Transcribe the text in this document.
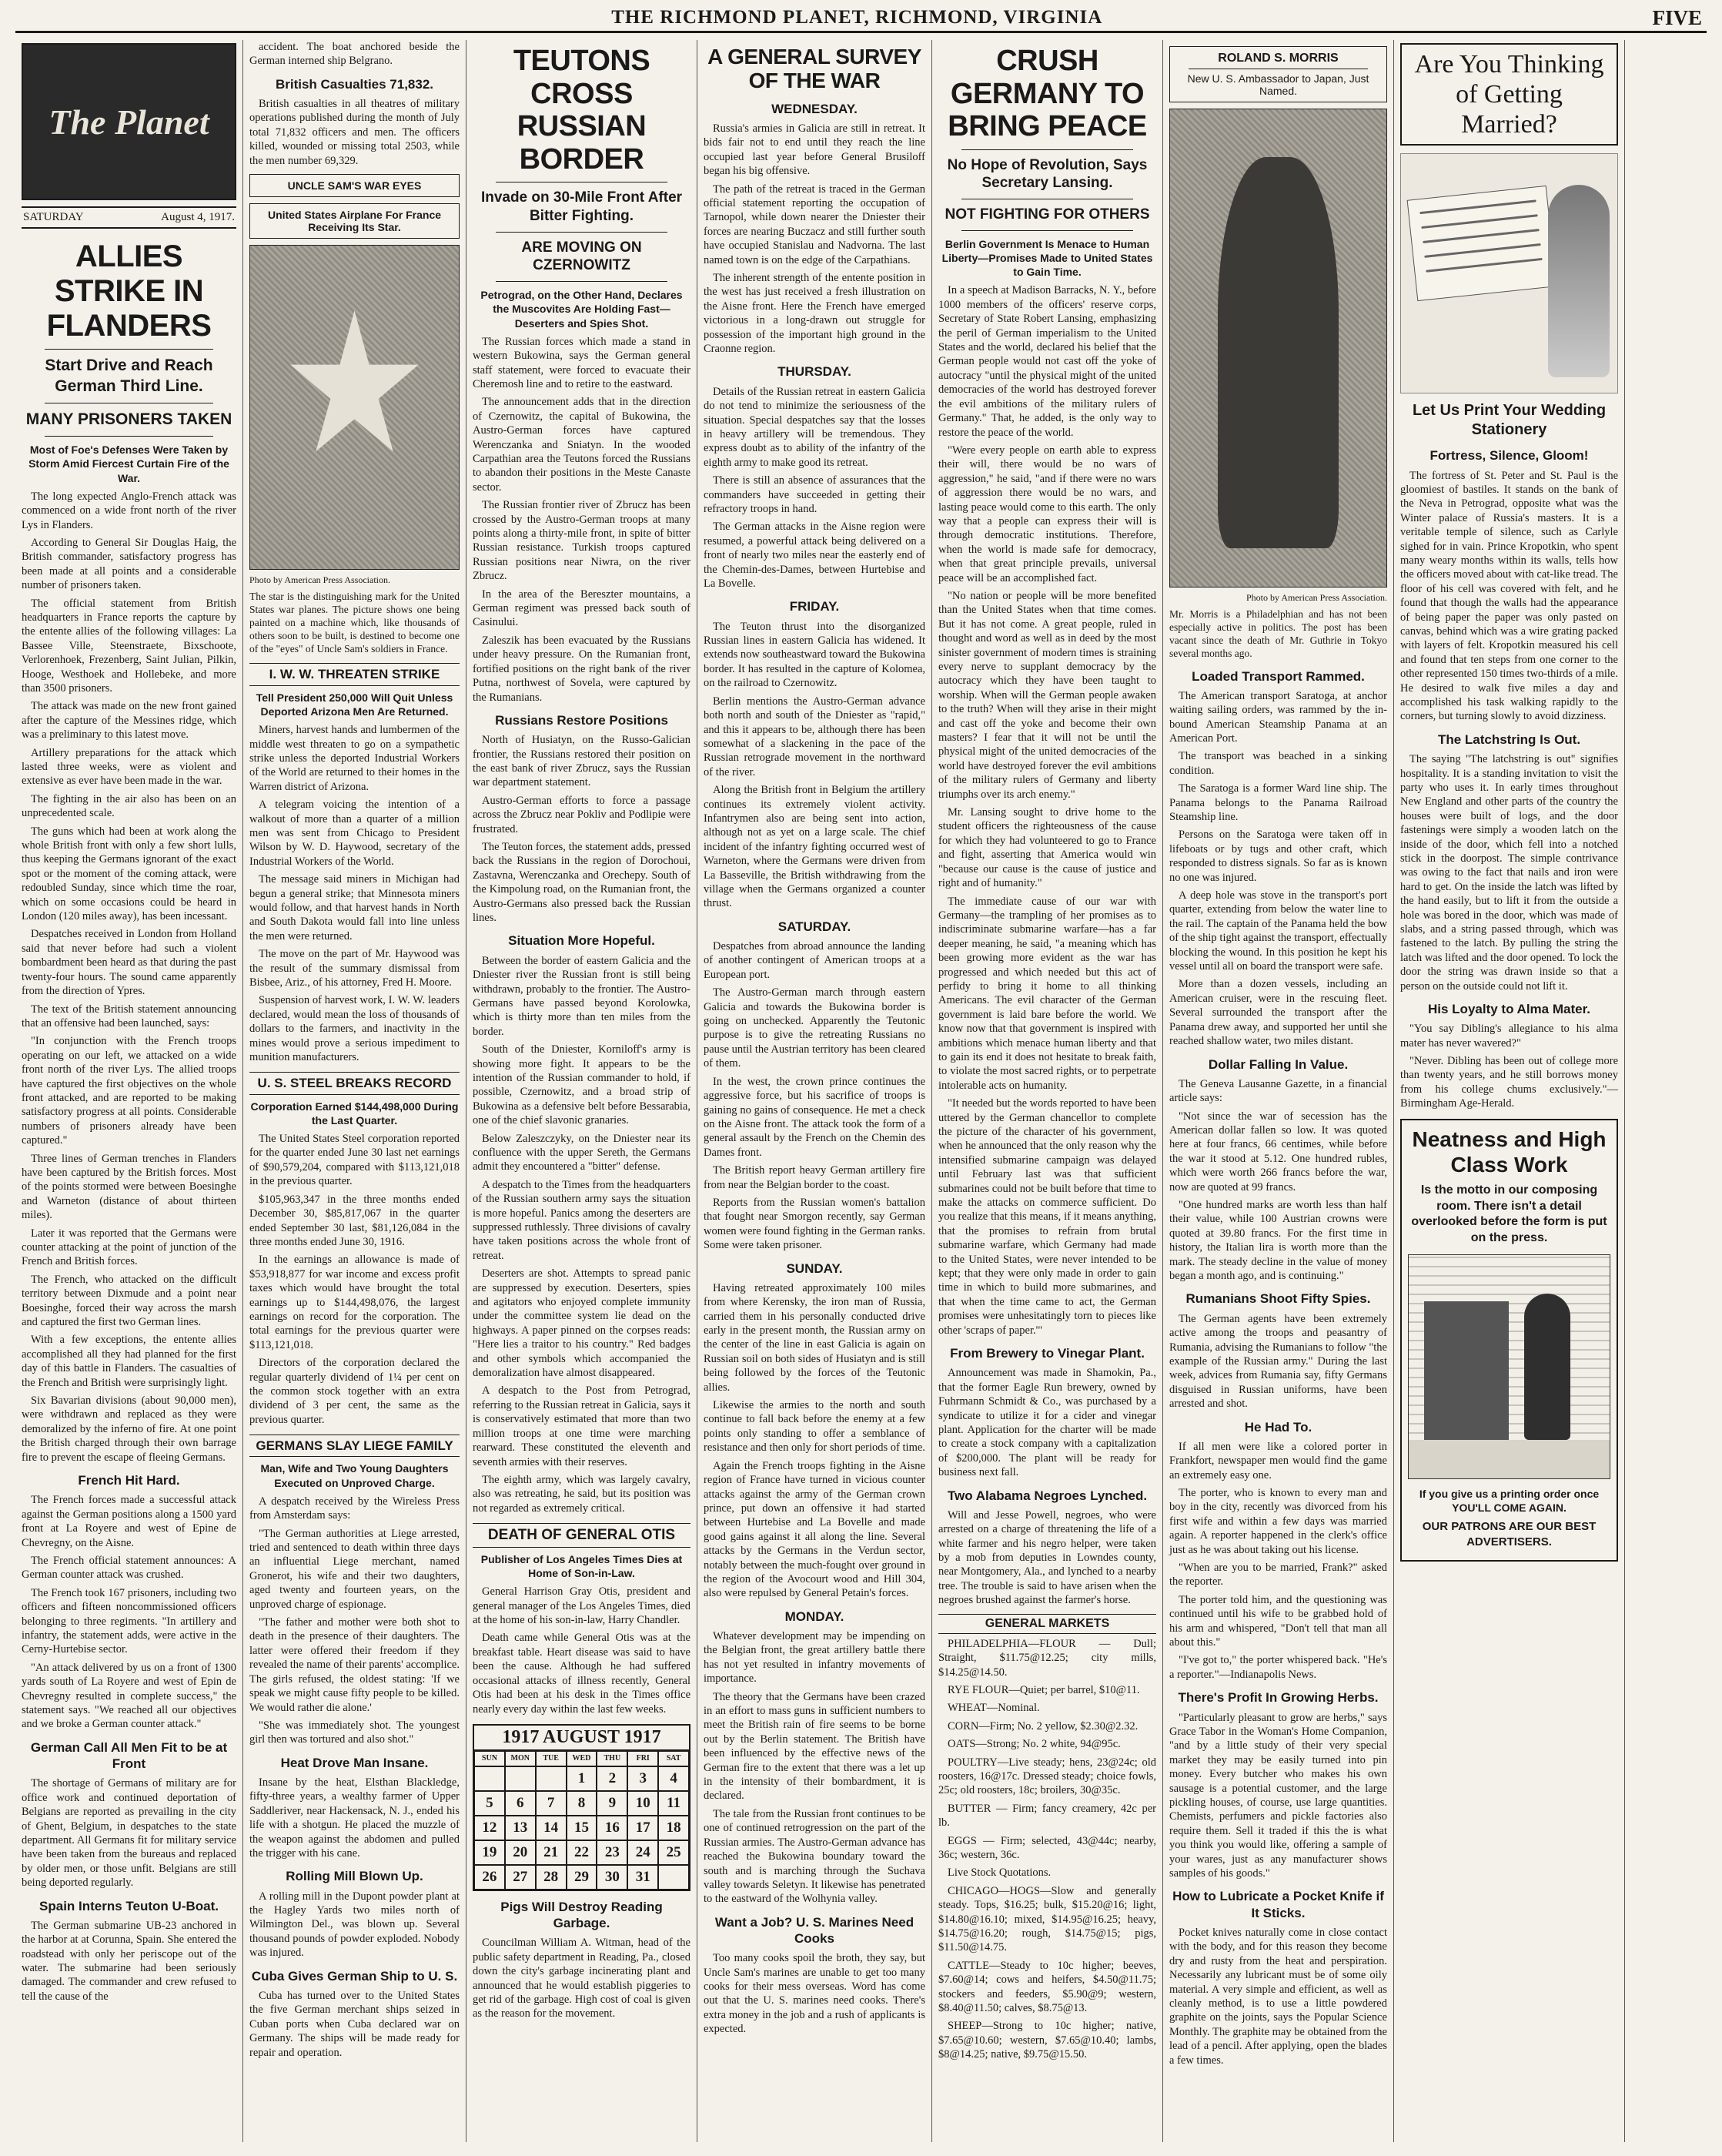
THE RICHMOND PLANET, RICHMOND, VIRGINIA	FIVE
The Planet
SATURDAY	August 4, 1917.
ALLIES STRIKE IN FLANDERS
Start Drive and Reach German Third Line.
MANY PRISONERS TAKEN
Most of Foe's Defenses Were Taken by Storm Amid Fiercest Curtain Fire of the War.

The long expected Anglo-French attack was commenced on a wide front north of the river Lys in Flanders.

According to General Sir Douglas Haig, the British commander, satisfactory progress has been made at all points and a considerable number of prisoners taken.

The official statement from British headquarters in France reports the capture by the entente allies of the following villages: La Bassee Ville, Steenstraete, Bixschoote, Verlorenhoek, Frezenberg, Saint Julian, Pilkin, Hooge, Westhoek and Hollebeke, and more than 3500 prisoners.

The attack was made on the new front gained after the capture of the Messines ridge, which was a preliminary to this latest move.

Artillery preparations for the attack which lasted three weeks, were as violent and extensive as ever have been made in the war.

The fighting in the air also has been on an unprecedented scale.

The guns which had been at work along the whole British front with only a few short lulls, thus keeping the Germans ignorant of the exact spot or the moment of the coming attack, were redoubled Sunday, since which time the roar, which on some occasions could be heard in London (120 miles away), has been incessant.

Despatches received in London from Holland said that never before had such a violent bombardment been heard as that during the past twenty-four hours. The sound came apparently from the direction of Ypres.

The text of the British statement announcing that an offensive had been launched, says:

"In conjunction with the French troops operating on our left, we attacked on a wide front north of the river Lys. The allied troops have captured the first objectives on the whole front attacked, and are reported to be making satisfactory progress at all points. Considerable numbers of prisoners already have been captured."

Three lines of German trenches in Flanders have been captured by the British forces. Most of the points stormed were between Boesinghe and Warneton (distance of about thirteen miles).

Later it was reported that the Germans were counter attacking at the point of junction of the French and British forces.

The French, who attacked on the difficult territory between Dixmude and a point near Boesinghe, forced their way across the marsh and captured the first two German lines.

With a few exceptions, the entente allies accomplished all they had planned for the first day of this battle in Flanders. The casualties of the French and British were surprisingly light.

Six Bavarian divisions (about 90,000 men), were withdrawn and replaced as they were demoralized by the inferno of fire. At one point the British charged through their own barrage fire to prevent the escape of fleeing Germans.

French Hit Hard.

The French forces made a successful attack against the German positions along a 1500 yard front at La Royere and west of Epine de Chevregny, on the Aisne.

The French official statement announces: A German counter attack was crushed.

The French took 167 prisoners, including two officers and fifteen noncommissioned officers belonging to three regiments. "In artillery and infantry, the statement adds, were active in the Cerny-Hurtebise sector.

"An attack delivered by us on a front of 1300 yards south of La Royere and west of Epin de Chevregny resulted in complete success," the statement says. "We reached all our objectives and we broke a German counter attack."

German Call All Men Fit to be at Front

The shortage of Germans of military are for office work and continued deportation of Belgians are reported as prevailing in the city of Ghent, Belgium, in despatches to the state department. All Germans fit for military service have been taken from the bureaus and replaced by older men, or those unfit. Belgians are still being deported regularly.

Spain Interns Teuton U-Boat.

The German submarine UB-23 anchored in the harbor at at Corunna, Spain. She entered the roadstead with only her periscope out of the water. The submarine had been seriously damaged. The commander and crew refused to tell the cause of the

accident. The boat anchored beside the German interned ship Belgrano.

British Casualties 71,832.

British casualties in all theatres of military operations published during the month of July total 71,832 officers and men. The officers killed, wounded or missing total 2503, while the men number 69,329.

UNCLE SAM'S WAR EYES
United States Airplane For France Receiving Its Star.
Photo by American Press Association.

The star is the distinguishing mark for the United States war planes. The picture shows one being painted on a machine which, like thousands of others soon to be built, is destined to become one of the "eyes" of Uncle Sam's soldiers in France.

I. W. W. THREATEN STRIKE
Tell President 250,000 Will Quit Unless Deported Arizona Men Are Returned.

Miners, harvest hands and lumbermen of the middle west threaten to go on a sympathetic strike unless the deported Industrial Workers of the World are returned to their homes in the Warren district of Arizona.

A telegram voicing the intention of a walkout of more than a quarter of a million men was sent from Chicago to President Wilson by W. D. Haywood, secretary of the Industrial Workers of the World.

The message said miners in Michigan had begun a general strike; that Minnesota miners would follow, and that harvest hands in North and South Dakota would fall into line unless the men were returned.

The move on the part of Mr. Haywood was the result of the summary dismissal from Bisbee, Ariz., of his attorney, Fred H. Moore.

Suspension of harvest work, I. W. W. leaders declared, would mean the loss of thousands of dollars to the farmers, and inactivity in the mines would prove a serious impediment to munition manufacturers.

U. S. STEEL BREAKS RECORD
Corporation Earned $144,498,000 During the Last Quarter.

The United States Steel corporation reported for the quarter ended June 30 last net earnings of $90,579,204, compared with $113,121,018 in the previous quarter.

$105,963,347 in the three months ended December 30, $85,817,067 in the quarter ended September 30 last, $81,126,084 in the three months ended June 30, 1916.

In the earnings an allowance is made of $53,918,877 for war income and excess profit taxes which would have brought the total earnings up to $144,498,076, the largest earnings on record for the corporation. The total earnings for the previous quarter were $113,121,018.

Directors of the corporation declared the regular quarterly dividend of 1¼ per cent on the common stock together with an extra dividend of 3 per cent, the same as the previous quarter.

GERMANS SLAY LIEGE FAMILY
Man, Wife and Two Young Daughters Executed on Unproved Charge.

A despatch received by the Wireless Press from Amsterdam says:

"The German authorities at Liege arrested, tried and sentenced to death within three days an influential Liege merchant, named Gronerot, his wife and their two daughters, aged twenty and fourteen years, on the unproved charge of espionage.

"The father and mother were both shot to death in the presence of their daughters. The latter were offered their freedom if they revealed the name of their parents' accomplice. The girls refused, the oldest stating: 'If we speak we might cause fifty people to be killed. We would rather die alone.'

"She was immediately shot. The youngest girl then was tortured and also shot."

Heat Drove Man Insane.

Insane by the heat, Elsthan Blackledge, fifty-three years, a wealthy farmer of Upper Saddleriver, near Hackensack, N. J., ended his life with a shotgun. He placed the muzzle of the weapon against the abdomen and pulled the trigger with his cane.

Rolling Mill Blown Up.

A rolling mill in the Dupont powder plant at the Hagley Yards two miles north of Wilmington Del., was blown up. Several thousand pounds of powder exploded. Nobody was injured.

Cuba Gives German Ship to U. S.

Cuba has turned over to the United States the five German merchant ships seized in Cuban ports when Cuba declared war on Germany. The ships will be made ready for repair and operation.

TEUTONS CROSS RUSSIAN BORDER
Invade on 30-Mile Front After Bitter Fighting.
ARE MOVING ON CZERNOWITZ
Petrograd, on the Other Hand, Declares the Muscovites Are Holding Fast—Deserters and Spies Shot.

The Russian forces which made a stand in western Bukowina, says the German general staff statement, were forced to evacuate their Cheremosh line and to retire to the eastward.

The announcement adds that in the direction of Czernowitz, the capital of Bukowina, the Austro-German forces have captured Werenczanka and Sniatyn. In the wooded Carpathian area the Teutons forced the Russians to abandon their positions in the Meste Canaste sector.

The Russian frontier river of Zbrucz has been crossed by the Austro-German troops at many points along a thirty-mile front, in spite of bitter Russian resistance. Turkish troops captured Russian positions near Niwra, on the river Zbrucz.

In the area of the Bereszter mountains, a German regiment was pressed back south of Casinului.

Zaleszik has been evacuated by the Russians under heavy pressure. On the Rumanian front, fortified positions on the right bank of the river Putna, northwest of Sovela, were captured by the Rumanians.

Russians Restore Positions

North of Husiatyn, on the Russo-Galician frontier, the Russians restored their position on the east bank of river Zbrucz, says the Russian war department statement.

Austro-German efforts to force a passage across the Zbrucz near Pokliv and Podlipie were frustrated.

The Teuton forces, the statement adds, pressed back the Russians in the region of Dorochoui, Zastavna, Werenczanka and Orechepy. South of the Kimpolung road, on the Rumanian front, the Austro-Germans also pressed back the Russian lines.

Situation More Hopeful.

Between the border of eastern Galicia and the Dniester river the Russian front is still being withdrawn, probably to the frontier. The Austro-Germans have passed beyond Korolowka, which is thirty more than ten miles from the border.

South of the Dniester, Korniloff's army is showing more fight. It appears to be the intention of the Russian commander to hold, if possible, Czernowitz, and a broad strip of Bukowina as a defensive belt before Bessarabia, one of the chief slavonic granaries.

Below Zaleszczyky, on the Dniester near its confluence with the upper Sereth, the Germans admit they encountered a "bitter" defense.

A despatch to the Times from the headquarters of the Russian southern army says the situation is more hopeful. Panics among the deserters are suppressed ruthlessly. Three divisions of cavalry have taken positions across the whole front of retreat.

Deserters are shot. Attempts to spread panic are suppressed by execution. Deserters, spies and agitators who enjoyed complete immunity under the committee system lie dead on the highways. A paper pinned on the corpses reads: "Here lies a traitor to his country." Red badges and other symbols which accompanied the demoralization have almost disappeared.

A despatch to the Post from Petrograd, referring to the Russian retreat in Galicia, says it is conservatively estimated that more than two million troops at one time were marching rearward. These constituted the eleventh and seventh armies with their reserves.

The eighth army, which was largely cavalry, also was retreating, he said, but its position was not regarded as extremely critical.

DEATH OF GENERAL OTIS
Publisher of Los Angeles Times Dies at Home of Son-in-Law.

General Harrison Gray Otis, president and general manager of the Los Angeles Times, died at the home of his son-in-law, Harry Chandler.

Death came while General Otis was at the breakfast table. Heart disease was said to have been the cause. Although he had suffered occasional attacks of illness recently, General Otis had been at his desk in the Times office nearly every day within the last few weeks.

1917 AUGUST 1917
SUN	MON	TUE	WED	THU	FRI	SAT
1	2	3	4
5	6	7	8	9	10	11
12	13	14	15	16	17	18
19	20	21	22	23	24	25
26	27	28	29	30	31
Pigs Will Destroy Reading Garbage.

Councilman William A. Witman, head of the public safety department in Reading, Pa., closed down the city's garbage incinerating plant and announced that he would establish piggeries to get rid of the garbage. High cost of coal is given as the reason for the movement.

A GENERAL SURVEY OF THE WAR
WEDNESDAY.

Russia's armies in Galicia are still in retreat. It bids fair not to end until they reach the line occupied last year before General Brusiloff began his big offensive.

The path of the retreat is traced in the German official statement reporting the occupation of Tarnopol, while down nearer the Dniester their forces are nearing Buczacz and still further south have occupied Stanislau and Nadvorna. The last named town is on the edge of the Carpathians.

The inherent strength of the entente position in the west has just received a fresh illustration on the Aisne front. Here the French have emerged victorious in a long-drawn out struggle for possession of the important high ground in the Craonne region.

THURSDAY.

Details of the Russian retreat in eastern Galicia do not tend to minimize the seriousness of the situation. Special despatches say that the losses in heavy artillery will be tremendous. They express doubt as to ability of the infantry of the eighth army to make good its retreat.

There is still an absence of assurances that the commanders have succeeded in getting their refractory troops in hand.

The German attacks in the Aisne region were resumed, a powerful attack being delivered on a front of nearly two miles near the easterly end of the Chemin-des-Dames, between Hurtebise and La Bovelle.

FRIDAY.

The Teuton thrust into the disorganized Russian lines in eastern Galicia has widened. It extends now southeastward toward the Bukowina border. It has resulted in the capture of Kolomea, on the railroad to Czernowitz.

Berlin mentions the Austro-German advance both north and south of the Dniester as "rapid," and this it appears to be, although there has been somewhat of a slackening in the pace of the Russian retrograde movement in the northward of the river.

Along the British front in Belgium the artillery continues its extremely violent activity. Infantrymen also are being sent into action, although not as yet on a large scale. The chief incident of the infantry fighting occurred west of Warneton, where the Germans were driven from La Basseville, the British withdrawing from the village when the Germans organized a counter thrust.

SATURDAY.

Despatches from abroad announce the landing of another contingent of American troops at a European port.

The Austro-German march through eastern Galicia and towards the Bukowina border is going on unchecked. Apparently the Teutonic purpose is to give the retreating Russians no pause until the Austrian territory has been cleared of them.

In the west, the crown prince continues the aggressive force, but his sacrifice of troops is gaining no gains of consequence. He met a check on the Aisne front. The attack took the form of a general assault by the French on the Chemin des Dames front.

The British report heavy German artillery fire from near the Belgian border to the coast.

Reports from the Russian women's battalion that fought near Smorgon recently, say German women were found fighting in the German ranks. Some were taken prisoner.

SUNDAY.

Having retreated approximately 100 miles from where Kerensky, the iron man of Russia, carried them in his personally conducted drive early in the present month, the Russian army on the center of the line in east Galicia is again on Russian soil on both sides of Husiatyn and is still being followed by the forces of the Teutonic allies.

Likewise the armies to the north and south continue to fall back before the enemy at a few points only standing to offer a semblance of resistance and then only for short periods of time.

Again the French troops fighting in the Aisne region of France have turned in vicious counter attacks against the army of the German crown prince, put down an offensive it had started between Hurtebise and La Bovelle and made good gains against it all along the line. Several attacks by the Germans in the Verdun sector, notably between the much-fought over ground in the region of the Avocourt wood and Hill 304, also were repulsed by General Petain's forces.

MONDAY.

Whatever development may be impending on the Belgian front, the great artillery battle there has not yet resulted in infantry movements of importance.

The theory that the Germans have been crazed in an effort to mass guns in sufficient numbers to meet the British rain of fire seems to be borne out by the Berlin statement. The British have been influenced by the effective news of the German fire to the extent that there was a let up in the intensity of their bombardment, it is declared.

The tale from the Russian front continues to be one of continued retrogression on the part of the Russian armies. The Austro-German advance has reached the Bukowina boundary toward the south and is marching through the Suchava valley towards Seletyn. It likewise has penetrated to the eastward of the Wolhynia valley.

Want a Job? U. S. Marines Need Cooks

Too many cooks spoil the broth, they say, but Uncle Sam's marines are unable to get too many cooks for their mess overseas. Word has come out that the U. S. marines need cooks. There's extra money in the job and a rush of applicants is expected.

CRUSH GERMANY TO BRING PEACE
No Hope of Revolution, Says Secretary Lansing.
NOT FIGHTING FOR OTHERS
Berlin Government Is Menace to Human Liberty—Promises Made to United States to Gain Time.

In a speech at Madison Barracks, N. Y., before 1000 members of the officers' reserve corps, Secretary of State Robert Lansing, emphasizing the peril of German imperialism to the United States and the world, declared his belief that the German people would not cast off the yoke of autocracy "until the physical might of the united democracies of the world has destroyed forever the evil ambitions of the military rulers of Germany." That, he added, is the only way to restore the peace of the world.

"Were every people on earth able to express their will, there would be no wars of aggression," he said, "and if there were no wars of aggression there would be no wars, and lasting peace would come to this earth. The only way that a people can express their will is through democratic institutions. Therefore, when the world is made safe for democracy, when that great principle prevails, universal peace will be an accomplished fact.

"No nation or people will be more benefited than the United States when that time comes. But it has not come. A great people, ruled in thought and word as well as in deed by the most sinister government of modern times is straining every nerve to supplant democracy by the autocracy which they have been taught to worship. When will the German people awaken to the truth? When will they arise in their might and cast off the yoke and become their own masters? I fear that it will not be until the physical might of the united democracies of the world have destroyed forever the evil ambitions of the military rulers of Germany and liberty triumphs over its arch enemy."

Mr. Lansing sought to drive home to the student officers the righteousness of the cause for which they had volunteered to go to France and fight, asserting that America would win "because our cause is the cause of justice and right and of humanity."

The immediate cause of our war with Germany—the trampling of her promises as to indiscriminate submarine warfare—has a far deeper meaning, he said, "a meaning which has been growing more evident as the war has progressed and which needed but this act of perfidy to bring it home to all thinking Americans. The evil character of the German government is laid bare before the world. We know now that that government is inspired with ambitions which menace human liberty and that to gain its end it does not hesitate to break faith, to violate the most sacred rights, or to perpetrate intolerable acts on humanity.

"It needed but the words reported to have been uttered by the German chancellor to complete the picture of the character of his government, when he announced that the only reason why the intensified submarine campaign was delayed until February last was that sufficient submarines could not be built before that time to make the attacks on commerce sufficient. Do you realize that this means, if it means anything, that the promises to refrain from brutal submarine warfare, which Germany had made to the United States, were never intended to be kept; that they were only made in order to gain time in which to build more submarines, and that when the time came to act, the German promises were unhesitatingly torn to pieces like other 'scraps of paper.'"

From Brewery to Vinegar Plant.

Announcement was made in Shamokin, Pa., that the former Eagle Run brewery, owned by Fuhrmann Schmidt & Co., was purchased by a syndicate to utilize it for a cider and vinegar plant. Application for the charter will be made to create a stock company with a capitalization of $200,000. The plant will be ready for business next fall.

Two Alabama Negroes Lynched.

Will and Jesse Powell, negroes, who were arrested on a charge of threatening the life of a white farmer and his negro helper, were taken by a mob from deputies in Lowndes county, near Montgomery, Ala., and lynched to a nearby tree. The trouble is said to have arisen when the negroes brushed against the farmer's horse.

GENERAL MARKETS

PHILADELPHIA—FLOUR — Dull; Straight, $11.75@12.25; city mills, $14.25@14.50.

RYE FLOUR—Quiet; per barrel, $10@11.

WHEAT—Nominal.

CORN—Firm; No. 2 yellow, $2.30@2.32.

OATS—Strong; No. 2 white, 94@95c.

POULTRY—Live steady; hens, 23@24c; old roosters, 16@17c. Dressed steady; choice fowls, 25c; old roosters, 18c; broilers, 30@35c.

BUTTER — Firm; fancy creamery, 42c per lb.

EGGS — Firm; selected, 43@44c; nearby, 36c; western, 36c.

Live Stock Quotations.

CHICAGO—HOGS—Slow and generally steady. Tops, $16.25; bulk, $15.20@16; light, $14.80@16.10; mixed, $14.95@16.25; heavy, $14.75@16.20; rough, $14.75@15; pigs, $11.50@14.75.

CATTLE—Steady to 10c higher; beeves, $7.60@14; cows and heifers, $4.50@11.75; stockers and feeders, $5.90@9; western, $8.40@11.50; calves, $8.75@13.

SHEEP—Strong to 10c higher; native, $7.65@10.60; western, $7.65@10.40; lambs, $8@14.25; native, $9.75@15.50.

ROLAND S. MORRIS
New U. S. Ambassador to Japan, Just Named.
Photo by American Press Association.

Mr. Morris is a Philadelphian and has not been especially active in politics. The post has been vacant since the death of Mr. Guthrie in Tokyo several months ago.

Loaded Transport Rammed.

The American transport Saratoga, at anchor waiting sailing orders, was rammed by the in-bound American Steamship Panama at an American Port.

The transport was beached in a sinking condition.

The Saratoga is a former Ward line ship. The Panama belongs to the Panama Railroad Steamship line.

Persons on the Saratoga were taken off in lifeboats or by tugs and other craft, which responded to distress signals. So far as is known no one was injured.

A deep hole was stove in the transport's port quarter, extending from below the water line to the rail. The captain of the Panama held the bow of the ship tight against the transport, effectually blocking the wound. In this position he kept his vessel until all on board the transport were safe.

More than a dozen vessels, including an American cruiser, were in the rescuing fleet. Several surrounded the transport after the Panama drew away, and supported her until she reached shallow water, two miles distant.

Dollar Falling In Value.

The Geneva Lausanne Gazette, in a financial article says:

"Not since the war of secession has the American dollar fallen so low. It was quoted here at four francs, 66 centimes, while before the war it stood at 5.12. One hundred rubles, which were worth 266 francs before the war, now are quoted at 99 francs.

"One hundred marks are worth less than half their value, while 100 Austrian crowns were quoted at 39.80 francs. For the first time in history, the Italian lira is worth more than the mark. The steady decline in the value of money began a month ago, and is continuing."

Rumanians Shoot Fifty Spies.

The German agents have been extremely active among the troops and peasantry of Rumania, advising the Rumanians to follow "the example of the Russian army." During the last week, advices from Rumania say, fifty Germans disguised in Russian uniforms, have been arrested and shot.

He Had To.

If all men were like a colored porter in Frankfort, newspaper men would find the game an extremely easy one.

The porter, who is known to every man and boy in the city, recently was divorced from his first wife and within a few days was married again. A reporter happened in the clerk's office just as he was about taking out his license.

"When are you to be married, Frank?" asked the reporter.

The porter told him, and the questioning was continued until his wife to be grabbed hold of his arm and whispered, "Don't tell that man all about this."

"I've got to," the porter whispered back. "He's a reporter."—Indianapolis News.

There's Profit In Growing Herbs.

"Particularly pleasant to grow are herbs," says Grace Tabor in the Woman's Home Companion, "and by a little study of their very special market they may be easily turned into pin money. Every butcher who makes his own sausage is a potential customer, and the large pickling houses, of course, use large quantities. Chemists, perfumers and pickle factories also require them. Sell it traded if this the is what you think you would like, offering a sample of your wares, just as any manufacturer shows samples of his goods."

How to Lubricate a Pocket Knife if It Sticks.

Pocket knives naturally come in close contact with the body, and for this reason they become dry and rusty from the heat and perspiration. Necessarily any lubricant must be of some oily material. A very simple and efficient, as well as cleanly method, is to use a little powdered graphite on the joints, says the Popular Science Monthly. The graphite may be obtained from the lead of a pencil. After applying, open the blades a few times.

Are You Thinking of Getting Married?
Let Us Print Your Wedding Stationery
Fortress, Silence, Gloom!

The fortress of St. Peter and St. Paul is the gloomiest of bastiles. It stands on the bank of the Neva in Petrograd, opposite what was the Winter palace of Russia's masters. It is a veritable temple of silence, such as Carlyle sighed for in vain. Prince Kropotkin, who spent many weary months within its walls, tells how the officers moved about with cat-like tread. The floor of his cell was covered with felt, and he found that though the walls had the appearance of being paper the paper was only pasted on canvas, behind which was a wire grating packed with layers of felt. Kropotkin measured his cell and found that ten steps from one corner to the other represented 150 times two-thirds of a mile. He desired to walk five miles a day and accomplished his task walking rapidly to the corners, but turning slowly to avoid dizziness.

The Latchstring Is Out.

The saying "The latchstring is out" signifies hospitality. It is a standing invitation to visit the party who uses it. In early times throughout New England and other parts of the country the houses were built of logs, and the door fastenings were simply a wooden latch on the inside of the door, which fell into a notched stick in the doorpost. The simple contrivance was owing to the fact that nails and iron were hard to get. On the inside the latch was lifted by the hand easily, but to lift it from the outside a hole was bored in the door, which was made of slabs, and a string passed through, which was fastened to the latch. By pulling the string the latch was lifted and the door opened. To lock the door the string was drawn inside so that a person on the outside could not lift it.

His Loyalty to Alma Mater.

"You say Dibling's allegiance to his alma mater has never wavered?"

"Never. Dibling has been out of college more than twenty years, and he still borrows money from his college chums exclusively."—Birmingham Age-Herald.

Neatness and High Class Work
Is the motto in our composing room. There isn't a detail overlooked before the form is put on the press.
If you give us a printing order once YOU'LL COME AGAIN.
OUR PATRONS ARE OUR BEST ADVERTISERS.
